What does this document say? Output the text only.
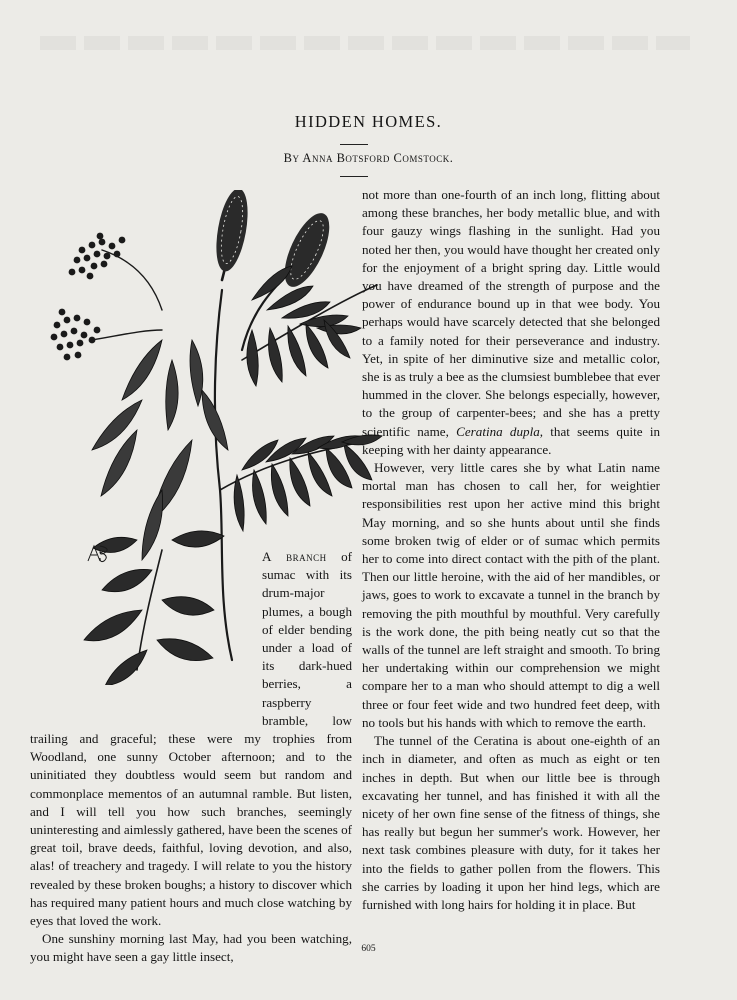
HIDDEN HOMES.
By Anna Botsford Comstock.

A branch of sumac with its drum-major plumes, a bough of elder bending under a load of its dark-hued berries, a raspberry bramble, low trailing and graceful; these were my trophies from Woodland, one sunny October afternoon; and to the uninitiated they doubtless would seem but random and commonplace mementos of an autumnal ramble. But listen, and I will tell you how such branches, seemingly uninteresting and aimlessly gathered, have been the scenes of great toil, brave deeds, faithful, loving devotion, and also, alas! of treachery and tragedy. I will relate to you the history revealed by these broken boughs; a history to discover which has required many patient hours and much close watching by eyes that loved the work.

One sunshiny morning last May, had you been watching, you might have seen a gay little insect,

not more than one-fourth of an inch long, flitting about among these branches, her body metallic blue, and with four gauzy wings flashing in the sunlight. Had you noted her then, you would have thought her created only for the enjoyment of a bright spring day. Little would you have dreamed of the strength of purpose and the power of endurance bound up in that wee body. You perhaps would have scarcely detected that she belonged to a family noted for their perseverance and industry. Yet, in spite of her diminutive size and metallic color, she is as truly a bee as the clumsiest bumblebee that ever hummed in the clover. She belongs especially, however, to the group of carpenter-bees; and she has a pretty scientific name, Ceratina dupla, that seems quite in keeping with her dainty appearance.

However, very little cares she by what Latin name mortal man has chosen to call her, for weightier responsibilities rest upon her active mind this bright May morning, and so she hunts about until she finds some broken twig of elder or of sumac which permits her to come into direct contact with the pith of the plant. Then our little heroine, with the aid of her mandibles, or jaws, goes to work to excavate a tunnel in the branch by removing the pith mouthful by mouthful. Very carefully is the work done, the pith being neatly cut so that the walls of the tunnel are left straight and smooth. To bring her undertaking within our comprehension we might compare her to a man who should attempt to dig a well three or four feet wide and two hundred feet deep, with no tools but his hands with which to remove the earth.

The tunnel of the Ceratina is about one-eighth of an inch in diameter, and often as much as eight or ten inches in depth. But when our little bee is through excavating her tunnel, and has finished it with all the nicety of her own fine sense of the fitness of things, she has really but begun her summer's work. However, her next task combines pleasure with duty, for it takes her into the fields to gather pollen from the flowers. This she carries by loading it upon her hind legs, which are furnished with long hairs for holding it in place. But

605
